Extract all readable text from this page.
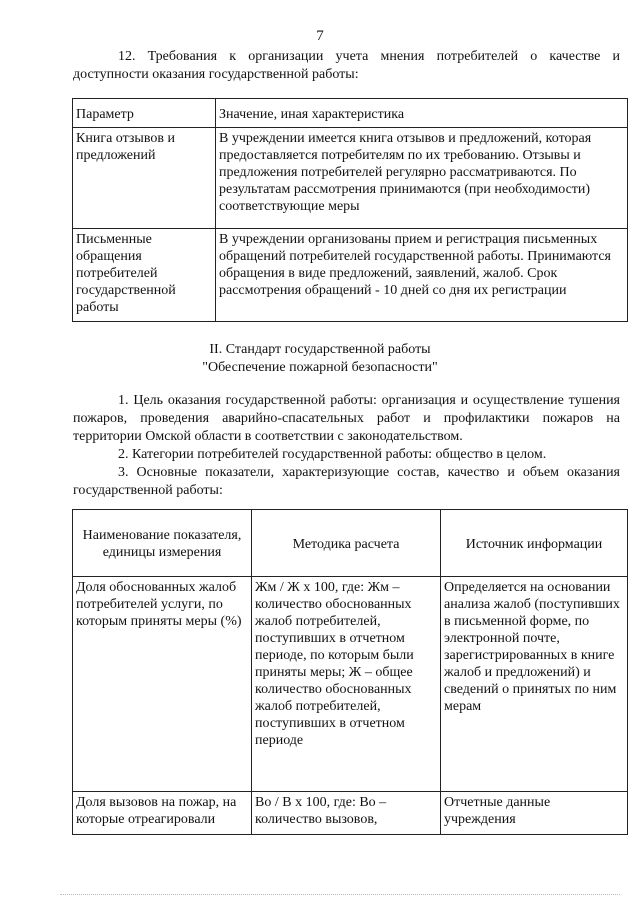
7
12. Требования к организации учета мнения потребителей о качестве и доступности оказания государственной работы:
Параметр	Значение, иная характеристика
Книга отзывов и предложений	В учреждении имеется книга отзывов и предложений, которая предоставляется потребителям по их требованию. Отзывы и предложения потребителей регулярно рассматриваются. По результатам рассмотрения принимаются (при необходимости) соответствующие меры
Письменные обращения потребителей государственной работы	В учреждении организованы прием и регистрация письменных обращений потребителей государственной работы. Принимаются обращения в виде предложений, заявлений, жалоб. Срок рассмотрения обращений - 10 дней со дня их регистрации
II. Стандарт государственной работы
"Обеспечение пожарной безопасности"
1. Цель оказания государственной работы: организация и осуществление тушения пожаров, проведения аварийно-спасательных работ и профилактики пожаров на территории Омской области в соответствии с законодательством.
2. Категории потребителей государственной работы: общество в целом.
3. Основные показатели, характеризующие состав, качество и объем оказания государственной работы:
Наименование показателя, единицы измерения	Методика расчета	Источник информации
Доля обоснованных жалоб потребителей услуги, по которым приняты меры (%)	Жм / Ж х 100, где: Жм – количество обоснованных жалоб потребителей, поступивших в отчетном периоде, по которым были приняты меры; Ж – общее количество обоснованных жалоб потребителей, поступивших в отчетном периоде	Определяется на основании анализа жалоб (поступивших в письменной форме, по электронной почте, зарегистрированных в книге жалоб и предложений) и сведений о принятых по ним мерам
Доля вызовов на пожар, на которые отреагировали	Во / В х 100, где: Во – количество вызовов,	Отчетные данные учреждения
